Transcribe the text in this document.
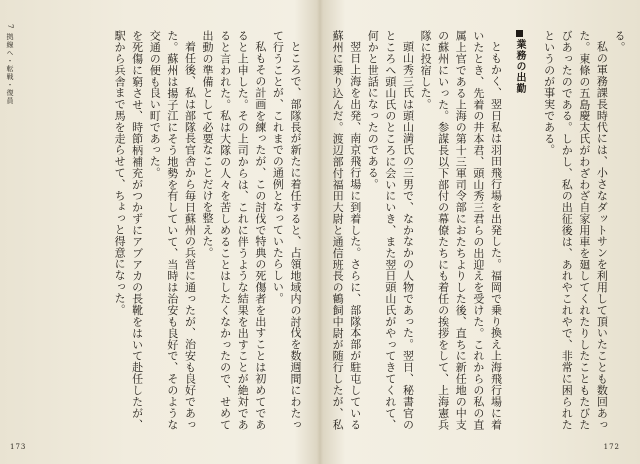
7 拠線へ・転戦・復員	ところで、部隊長が新たに着任すると、占領地域内の討伐を数週間にわたって行うことが、これまでの通例となっていたらしい。

私もその計画を練ったが、この討伐で特典の死傷者を出すことは初めてであると上申した。その上司からは、これに伴うような結果を出すことが絶対であると言われた。私は大隊の人々を苦しめることはしたくなかったので、せめて出動の準備として必要なことだけを整えた。

着任後、私は部隊長官舎から毎日蘇州の兵営に通ったが、治安も良好であった。蘇州は揚子江にそう地勢を有していて、当時は治安も良好で、そのような交通の便も良い町であった。

を死傷に窮させ、時節柄補充がつかずにアブアカの長靴をはいて赴任したが、駅から兵舎まで馬を走らせて、ちょっと得意になった。

173

る。

私の軍務課長時代には、小さなダットサンを利用して頂いたことも数回あった。東條の五島慶太氏がわざわざ自家用車を廻してくれたりしたこともたびたびあったのである。しかし、私の出征後は、あれやこれやで、非常に困られたというのが事実である。

業務の出勤

ともかく、翌日私は羽田飛行場を出発した。福岡で乗り換え上海飛行場に着いたとき、先着の井本君、頭山秀三君らの出迎えを受けた。これからの私の直属上官である上海の第十三軍司令部におたちよりした後、直ちに新任地の中支の蘇州にいった。参謀長以下部付の幕僚たちにも着任の挨拶をして、上海憲兵隊に投宿した。

頭山秀三氏は頭山満氏の三男で、なかなかの人物であった。翌日、秘書官のところへ頭山氏のところに会いにいき、また翌日頭山氏がやってきてくれて、何かと世話になったのである。

翌日上海を出発、南京飛行場に到着した。さらに、部隊本部が駐屯している蘇州に乗り込んだ。渡辺部付福田大尉と通信班長の鶴飼中尉が随行したが、私

172
